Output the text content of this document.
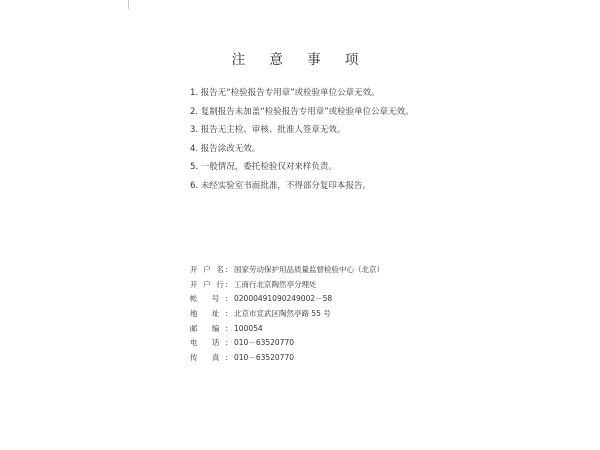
注 意 事 项
1. 报告无“检验报告专用章”或检验单位公章无效。
2. 复制报告未加盖“检验报告专用章”或检验单位公章无效。
3. 报告无主检、审核、批准人签章无效。
4. 报告涂改无效。
5. 一般情况，委托检验仅对来样负责。
6. 未经实验室书面批准，不得部分复印本报告。
开 户 名: 国家劳动保护用品质量监督检验中心（北京）
开 户 行: 工商行北京陶然亭分理处
帐 号: 02000491090249002－58
地 址: 北京市宣武区陶然亭路 55 号
邮 编: 100054
电 话: 010－63520770
传 真: 010－63520770
